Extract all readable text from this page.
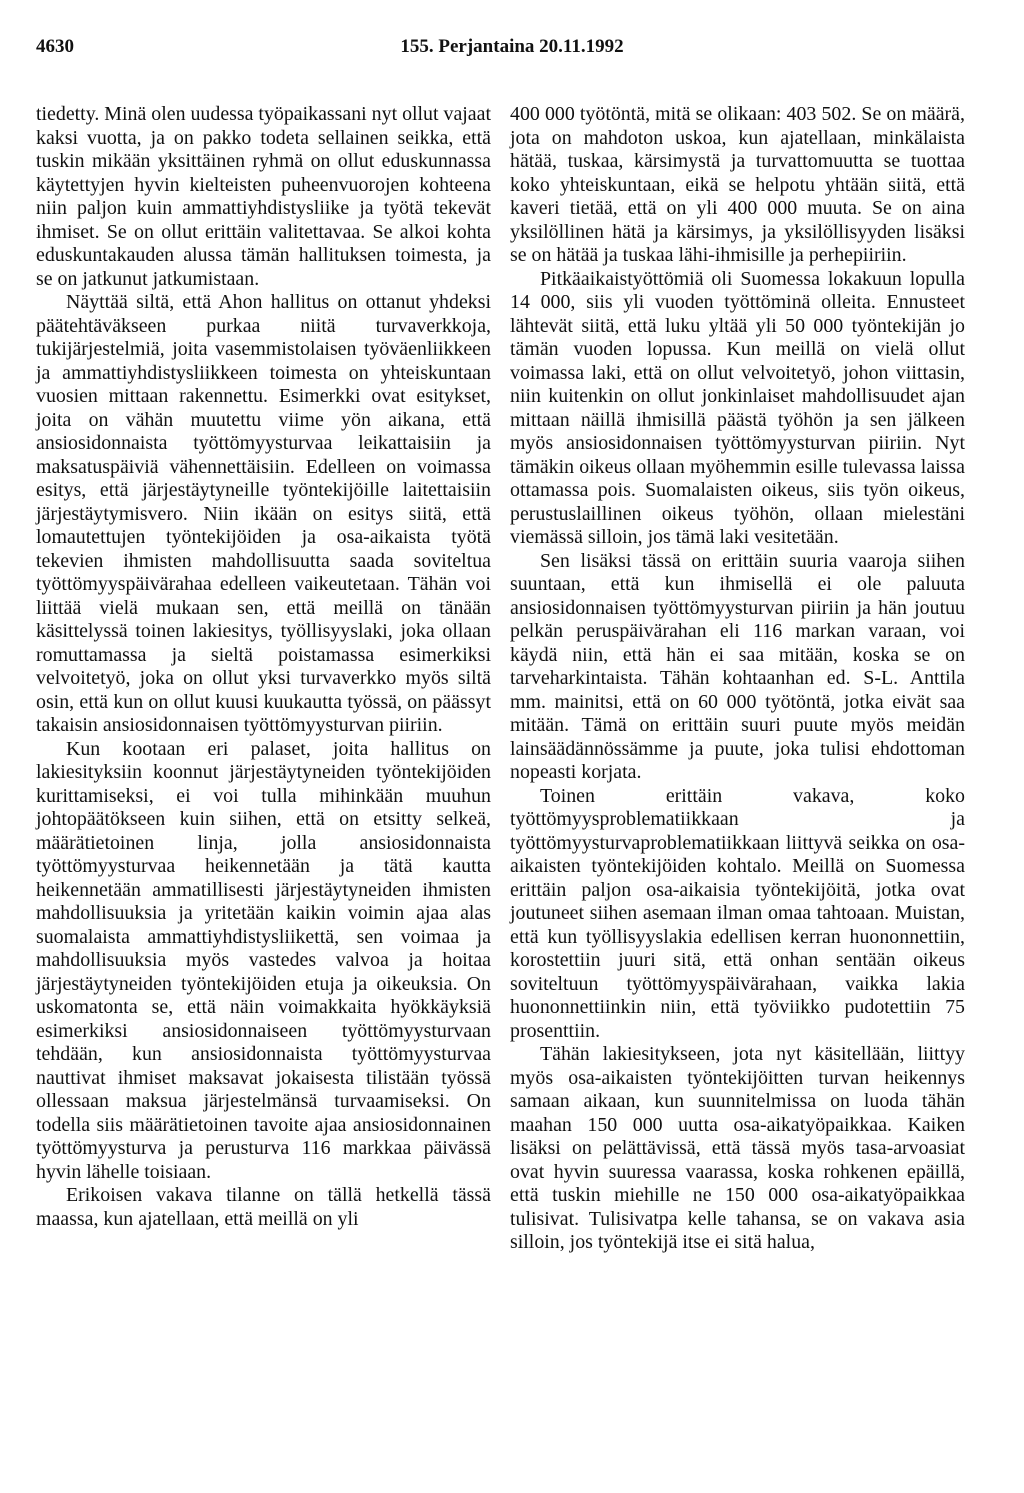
4630	155. Perjantaina 20.11.1992

tiedetty. Minä olen uudessa työpaikassani nyt ollut vajaat kaksi vuotta, ja on pakko todeta sellainen seikka, että tuskin mikään yksittäinen ryhmä on ollut eduskunnassa käytettyjen hyvin kielteisten puheenvuorojen kohteena niin paljon kuin ammattiyhdistysliike ja työtä tekevät ihmiset. Se on ollut erittäin valitettavaa. Se alkoi kohta eduskuntakauden alussa tämän hallituksen toimesta, ja se on jatkunut jatkumistaan.

Näyttää siltä, että Ahon hallitus on ottanut yhdeksi päätehtäväkseen purkaa niitä turvaverkkoja, tukijärjestelmiä, joita vasemmistolaisen työväenliikkeen ja ammattiyhdistysliikkeen toimesta on yhteiskuntaan vuosien mittaan rakennettu. Esimerkki ovat esitykset, joita on vähän muutettu viime yön aikana, että ansiosidonnaista työttömyysturvaa leikattaisiin ja maksatuspäiviä vähennettäisiin. Edelleen on voimassa esitys, että järjestäytyneille työntekijöille laitettaisiin järjestäytymisvero. Niin ikään on esitys siitä, että lomautettujen työntekijöiden ja osa-aikaista työtä tekevien ihmisten mahdollisuutta saada soviteltua työttömyyspäivärahaa edelleen vaikeutetaan. Tähän voi liittää vielä mukaan sen, että meillä on tänään käsittelyssä toinen lakiesitys, työllisyyslaki, joka ollaan romuttamassa ja sieltä poistamassa esimerkiksi velvoitetyö, joka on ollut yksi turvaverkko myös siltä osin, että kun on ollut kuusi kuukautta työssä, on päässyt takaisin ansiosidonnaisen työttömyysturvan piiriin.

Kun kootaan eri palaset, joita hallitus on lakiesityksiin koonnut järjestäytyneiden työntekijöiden kurittamiseksi, ei voi tulla mihinkään muuhun johtopäätökseen kuin siihen, että on etsitty selkeä, määrätietoinen linja, jolla ansiosidonnaista työttömyysturvaa heikennetään ja tätä kautta heikennetään ammatillisesti järjestäytyneiden ihmisten mahdollisuuksia ja yritetään kaikin voimin ajaa alas suomalaista ammattiyhdistysliikettä, sen voimaa ja mahdollisuuksia myös vastedes valvoa ja hoitaa järjestäytyneiden työntekijöiden etuja ja oikeuksia. On uskomatonta se, että näin voimakkaita hyökkäyksiä esimerkiksi ansiosidonnaiseen työttömyysturvaan tehdään, kun ansiosidonnaista työttömyysturvaa nauttivat ihmiset maksavat jokaisesta tilistään työssä ollessaan maksua järjestelmänsä turvaamiseksi. On todella siis määrätietoinen tavoite ajaa ansiosidonnainen työttömyysturva ja perusturva 116 markkaa päivässä hyvin lähelle toisiaan.

Erikoisen vakava tilanne on tällä hetkellä tässä maassa, kun ajatellaan, että meillä on yli

400 000 työtöntä, mitä se olikaan: 403 502. Se on määrä, jota on mahdoton uskoa, kun ajatellaan, minkälaista hätää, tuskaa, kärsimystä ja turvattomuutta se tuottaa koko yhteiskuntaan, eikä se helpotu yhtään siitä, että kaveri tietää, että on yli 400 000 muuta. Se on aina yksilöllinen hätä ja kärsimys, ja yksilöllisyyden lisäksi se on hätää ja tuskaa lähi-ihmisille ja perhepiiriin.

Pitkäaikaistyöttömiä oli Suomessa lokakuun lopulla 14 000, siis yli vuoden työttöminä olleita. Ennusteet lähtevät siitä, että luku yltää yli 50 000 työntekijän jo tämän vuoden lopussa. Kun meillä on vielä ollut voimassa laki, että on ollut velvoitetyö, johon viittasin, niin kuitenkin on ollut jonkinlaiset mahdollisuudet ajan mittaan näillä ihmisillä päästä työhön ja sen jälkeen myös ansiosidonnaisen työttömyysturvan piiriin. Nyt tämäkin oikeus ollaan myöhemmin esille tulevassa laissa ottamassa pois. Suomalaisten oikeus, siis työn oikeus, perustuslaillinen oikeus työhön, ollaan mielestäni viemässä silloin, jos tämä laki vesitetään.

Sen lisäksi tässä on erittäin suuria vaaroja siihen suuntaan, että kun ihmisellä ei ole paluuta ansiosidonnaisen työttömyysturvan piiriin ja hän joutuu pelkän peruspäivärahan eli 116 markan varaan, voi käydä niin, että hän ei saa mitään, koska se on tarveharkintaista. Tähän kohtaanhan ed. S-L. Anttila mm. mainitsi, että on 60 000 työtöntä, jotka eivät saa mitään. Tämä on erittäin suuri puute myös meidän lainsäädännössämme ja puute, joka tulisi ehdottoman nopeasti korjata.

Toinen erittäin vakava, koko työttömyysproblematiikkaan ja työttömyysturvaproblematiikkaan liittyvä seikka on osa-aikaisten työntekijöiden kohtalo. Meillä on Suomessa erittäin paljon osa-aikaisia työntekijöitä, jotka ovat joutuneet siihen asemaan ilman omaa tahtoaan. Muistan, että kun työllisyyslakia edellisen kerran huononnettiin, korostettiin juuri sitä, että onhan sentään oikeus soviteltuun työttömyyspäivärahaan, vaikka lakia huononnettiinkin niin, että työviikko pudotettiin 75 prosenttiin.

Tähän lakiesitykseen, jota nyt käsitellään, liittyy myös osa-aikaisten työntekijöitten turvan heikennys samaan aikaan, kun suunnitelmissa on luoda tähän maahan 150 000 uutta osa-aikatyöpaikkaa. Kaiken lisäksi on pelättävissä, että tässä myös tasa-arvoasiat ovat hyvin suuressa vaarassa, koska rohkenen epäillä, että tuskin miehille ne 150 000 osa-aikatyöpaikkaa tulisivat. Tulisivatpa kelle tahansa, se on vakava asia silloin, jos työntekijä itse ei sitä halua,
